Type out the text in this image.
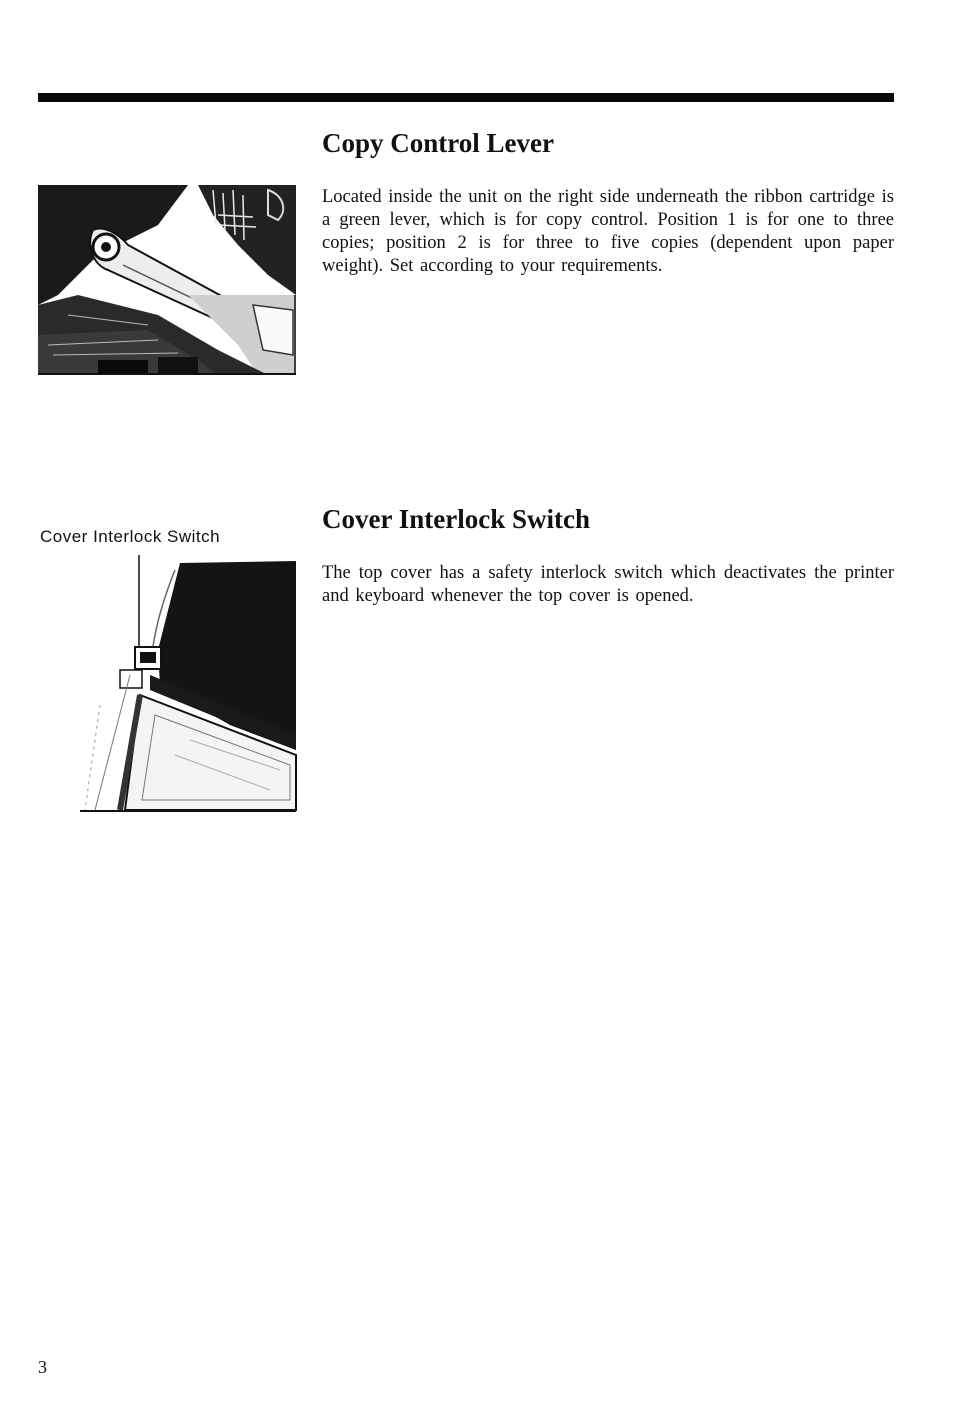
Copy Control Lever

Located inside the unit on the right side underneath the ribbon cartridge is a green lever, which is for copy control. Position 1 is for one to three copies; position 2 is for three to five copies (dependent upon paper weight). Set according to your requirements.

Cover Interlock Switch

Cover Interlock Switch

The top cover has a safety interlock switch which deactivates the printer and keyboard whenever the top cover is opened.

3
